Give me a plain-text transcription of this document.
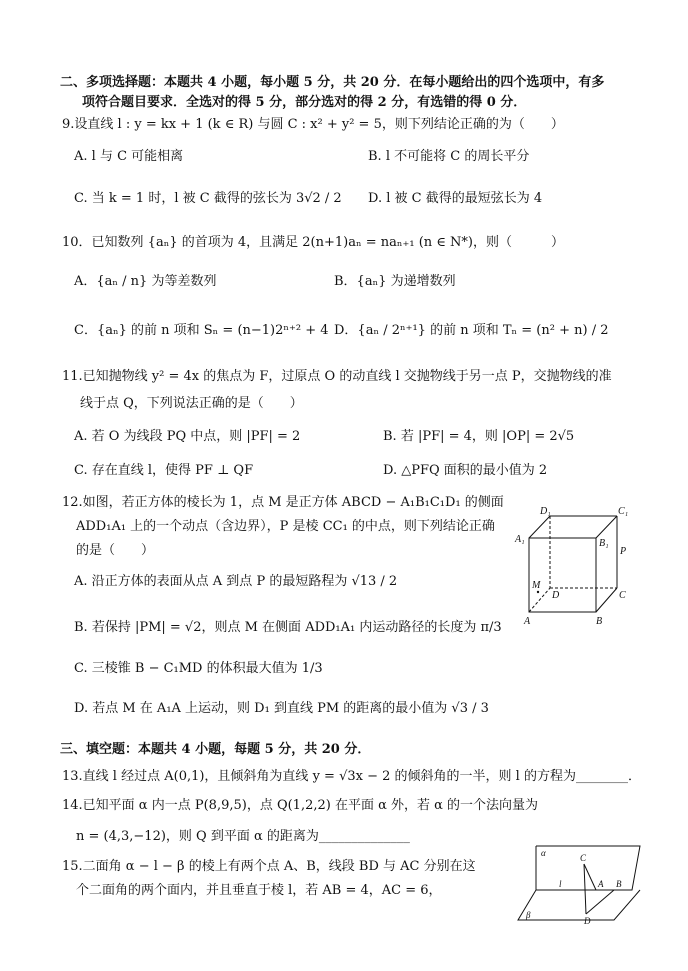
二、多项选择题：本题共 4 小题，每小题 5 分，共 20 分．在每小题给出的四个选项中，有多
项符合题目要求．全选对的得 5 分，部分选对的得 2 分，有选错的得 0 分．
9.设直线 l : y = kx + 1 (k ∈ R) 与圆 C : x² + y² = 5，则下列结论正确的为（　　）
A. l 与 C 可能相离	B. l 不可能将 C 的周长平分
C. 当 k = 1 时，l 被 C 截得的弦长为 3√2 / 2 D. l 被 C 截得的最短弦长为 4
10．已知数列 {aₙ} 的首项为 4，且满足 2(n+1)aₙ = naₙ₊₁ (n ∈ N*)，则（　　　）
A．{aₙ / n} 为等差数列	B．{aₙ} 为递增数列
C．{aₙ} 的前 n 项和 Sₙ = (n−1)2ⁿ⁺² + 4 D．{aₙ / 2ⁿ⁺¹} 的前 n 项和 Tₙ = (n² + n) / 2
11.已知抛物线 y² = 4x 的焦点为 F，过原点 O 的动直线 l 交抛物线于另一点 P，交抛物线的准
线于点 Q，下列说法正确的是（　　）
A. 若 O 为线段 PQ 中点，则 |PF| = 2	B. 若 |PF| = 4，则 |OP| = 2√5
C. 存在直线 l，使得 PF ⊥ QF	D. △PFQ 面积的最小值为 2
12.如图，若正方体的棱长为 1，点 M 是正方体 ABCD − A₁B₁C₁D₁ 的侧面
ADD₁A₁ 上的一个动点（含边界），P 是棱 CC₁ 的中点，则下列结论正确
的是（　　）
A. 沿正方体的表面从点 A 到点 P 的最短路程为 √13 / 2
B. 若保持 |PM| = √2，则点 M 在侧面 ADD₁A₁ 内运动路径的长度为 π/3
C. 三棱锥 B − C₁MD 的体积最大值为 1/3
D. 若点 M 在 A₁A 上运动，则 D₁ 到直线 PM 的距离的最小值为 √3 / 3
D₁	C₁
A₁	B₁
P
M
D	C
A	B
三、填空题：本题共 4 小题，每题 5 分，共 20 分．
13.直线 l 经过点 A(0,1)，且倾斜角为直线 y = √3x − 2 的倾斜角的一半，则 l 的方程为________．
14.已知平面 α 内一点 P(8,9,5)，点 Q(1,2,2) 在平面 α 外，若 α 的一个法向量为
n = (4,3,−12)，则 Q 到平面 α 的距离为______________
15.二面角 α − l − β 的棱上有两个点 A、B，线段 BD 与 AC 分别在这
个二面角的两个面内，并且垂直于棱 l，若 AB = 4，AC = 6，
α
β
C
l	A B
D
